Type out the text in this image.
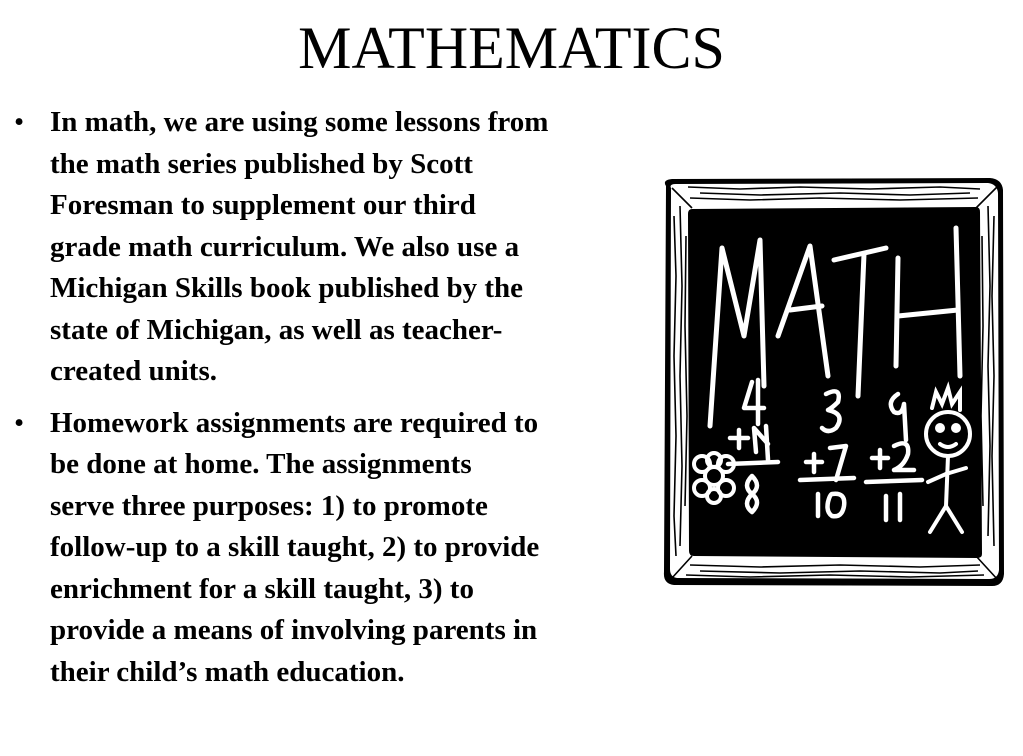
MATHEMATICS
• In math, we are using some lessons from
the math series published by Scott
Foresman to supplement our third
grade math curriculum. We also use a
Michigan Skills book published by the
state of Michigan, as well as teacher-
created units.
• Homework assignments are required to
be done at home. The assignments
serve three purposes: 1) to promote
follow-up to a skill taught, 2) to provide
enrichment for a skill taught, 3) to
provide a means of involving parents in
their child’s math education.
